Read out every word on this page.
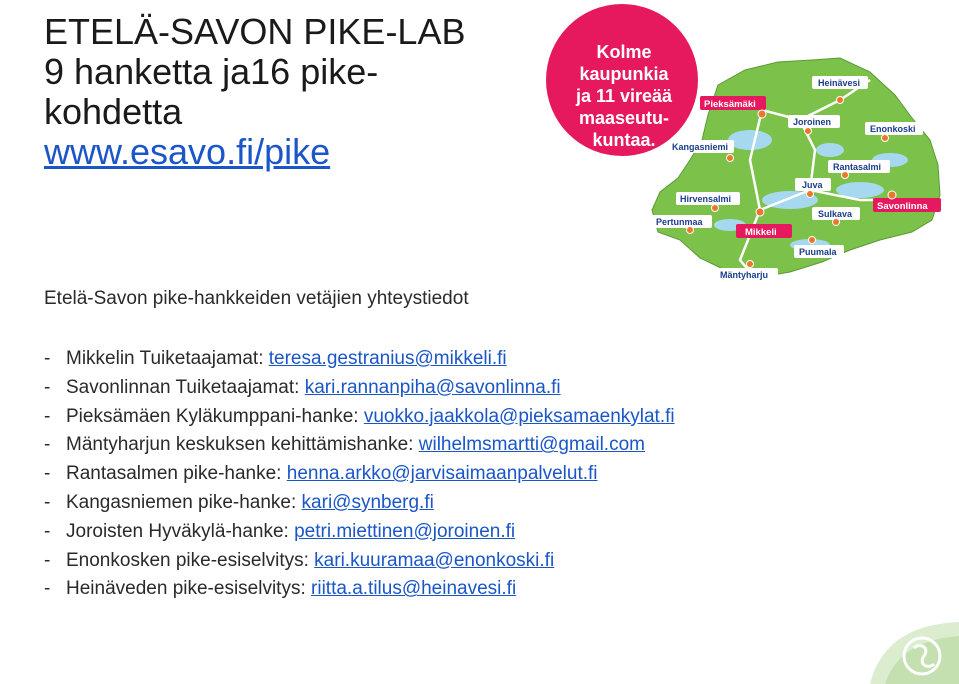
ETELÄ-SAVON PIKE-LAB
9 hanketta ja16 pike-
kohdetta
www.esavo.fi/pike
Etelä-Savon pike-hankkeiden vetäjien yhteystiedot
- Mikkelin Tuiketaajamat: teresa.gestranius@mikkeli.fi
- Savonlinnan Tuiketaajamat: kari.rannanpiha@savonlinna.fi
- Pieksämäen Kyläkumppani-hanke: vuokko.jaakkola@pieksamaenkylat.fi
- Mäntyharjun keskuksen kehittämishanke: wilhelmsmartti@gmail.com
- Rantasalmen pike-hanke: henna.arkko@jarvisaimaanpalvelut.fi
- Kangasniemen pike-hanke: kari@synberg.fi
- Joroisten Hyväkylä-hanke: petri.miettinen@joroinen.fi
- Enonkosken pike-esiselvitys: kari.kuuramaa@enonkoski.fi
- Heinäveden pike-esiselvitys: riitta.a.tilus@heinavesi.fi
Kolme
kaupunkia
ja 11 vireää
maaseutu-
kuntaa.
Heinävesi
Pieksämäki
Joroinen
Enonkoski
Kangasniemi
Rantasalmi
Juva
Hirvensalmi
Savonlinna
Sulkava
Pertunmaa
Mikkeli
Puumala
Mäntyharju
